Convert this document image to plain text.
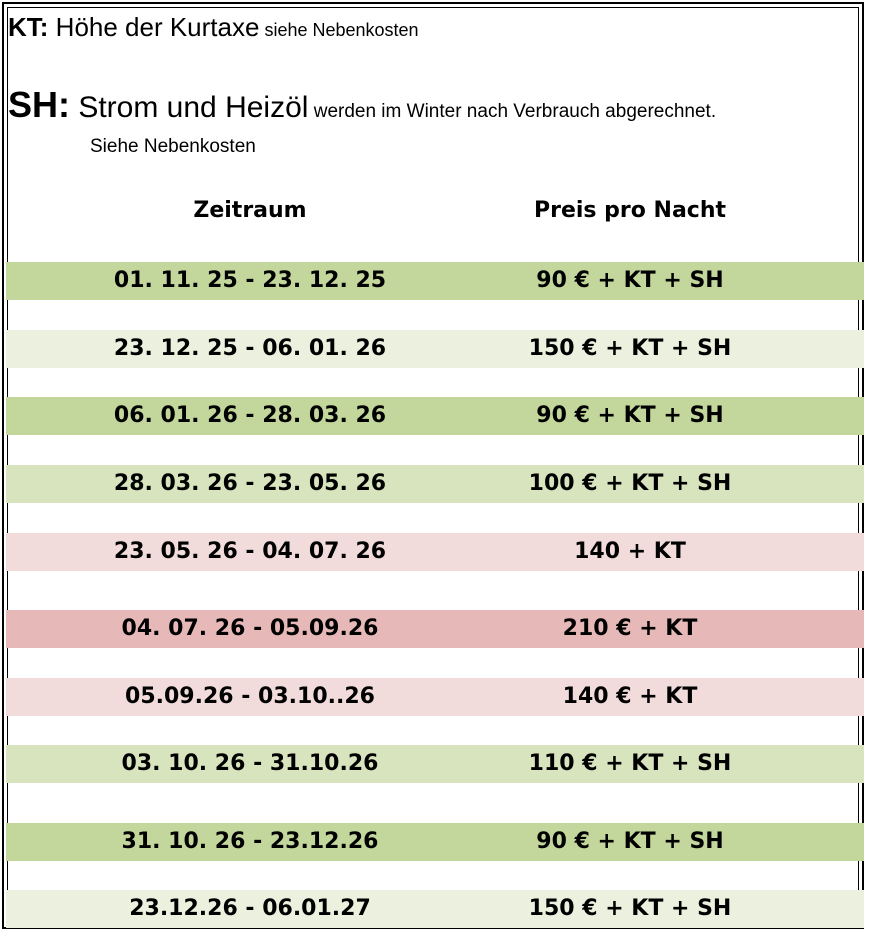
KT: Höhe der Kurtaxe siehe Nebenkosten
SH: Strom und Heizöl werden im Winter nach Verbrauch abgerechnet.
Siehe Nebenkosten
Zeitraum	Preis pro Nacht
01. 11. 25 - 23. 12. 25	90 € + KT + SH
23. 12. 25 - 06. 01. 26	150 € + KT + SH
06. 01. 26 - 28. 03. 26	90 € + KT + SH
28. 03. 26 - 23. 05. 26	100 € + KT + SH
23. 05. 26 - 04. 07. 26	140 + KT
04. 07. 26 - 05.09.26	210 € + KT
05.09.26 - 03.10..26	140 € + KT
03. 10. 26 - 31.10.26	110 € + KT + SH
31. 10. 26 - 23.12.26	90 € + KT + SH
23.12.26 - 06.01.27	150 € + KT + SH
